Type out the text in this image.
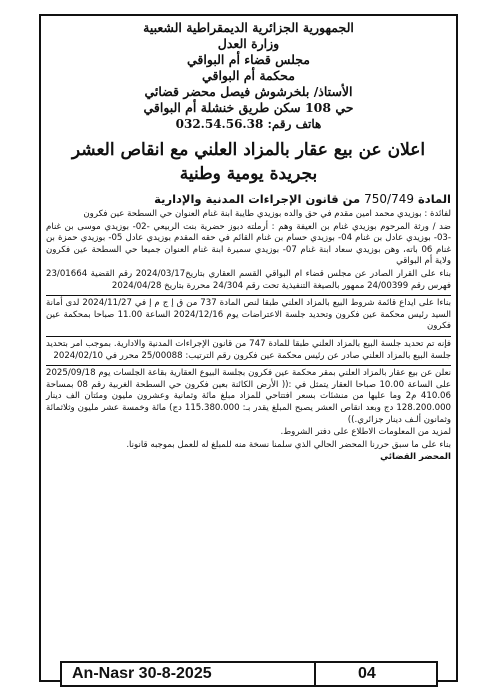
الجمهورية الجزائرية الديمقراطية الشعبية
وزارة العدل
مجلس قضاء أم البواقي
محكمة أم البواقي
الأستاذ/ بلخرشوش فيصل محضر قضائي
حي 108 سكن طريق خنشلة أم البواقي
هاتف رقم: 032.54.56.38
اعلان عن بيع عقار بالمزاد العلني مع انقاص العشر
بجريدة يومية وطنية
المادة 750/749 من قانون الإجراءات المدنية والإدارية

لفائدة : بوزيدي محمد امين مقدم في حق والده بوزيدي طايبة ابنة غنام العنوان حي السطحة عين فكرون

ضد / ورثة المرحوم بوزيدي غنام بن العيفة وهم : أرملته دبوز حضرية بنت الربيعي -02- بوزيدي موسى بن غنام -03- بوزيدي عادل بن غنام 04- بوزيدي حسام بن غنام القائم في حقه المقدم بوزيدي عادل 05- بوزيدي حمزة بن غنام 06 باته، وهن بوزيدي سعاد ابنة غنام 07- بوزيدي سميرة ابنة غنام العنوان جميعا حي السطحة عين فكرون ولاية أم البواقي

بناء على القرار الصادر عن مجلس قضاء ام البواقي القسم العقاري بتاريخ2024/03/17 رقم القضية 23/01664 فهرس رقم 24/00399 ممهور بالصيغة التنفيذية تحت رقم 24/304 محررة بتاريخ 2024/04/28

بناءا على ايداع قائمة شروط البيع بالمزاد العلني طبقا لنص المادة 737 من ق إ ج م إ في 2024/11/27 لدى أمانة السيد رئيس محكمة عين فكرون وتحديد جلسة الاعتراضات يوم 2024/12/16 الساعة 11.00 صباحا بمحكمة عين فكرون

فإنه تم تحديد جلسة البيع بالمزاد العلني طبقا للمادة 747 من قانون الإجراءات المدنية والادارية. بموجب امر بتحديد جلسة البيع بالمزاد العلني صادر عن رئيس محكمة عين فكرون رقم الترتيب: 25/00088 محرر في 2024/02/10

نعلن عن بيع عقار بالمزاد العلني بمقر محكمة عين فكرون بجلسة البيوع العقارية بقاعة الجلسات يوم 2025/09/18 على الساعة 10.00 صباحا العقار يتمثل في :(( الأرض الكائنة بعين فكرون حي السطحة الغربية رقم 08 بمساحة 410.06 م2 وما عليها من منشئات بسعر افتتاحي للمزاد مبلغ مائة وثمانية وعشرون مليون ومئتان الف دينار 128.200.000 دج وبعد انقاص العشر يصبح المبلغ يقدر بـ: 115.380.000 دج) مائة وخمسة عشر مليون وثلاثمائة وثمانون ألـف دينار جزائري.))

لمزيد من المعلومات الاطلاع على دفتر الشروط.

بناء على ما سبق حررنا المحضر الحالي الذي سلمنا نسخة منه للمبلغ له للعمل بموجبه قانونا.

المحضر القضائي
An-Nasr 30-8-2025	04
